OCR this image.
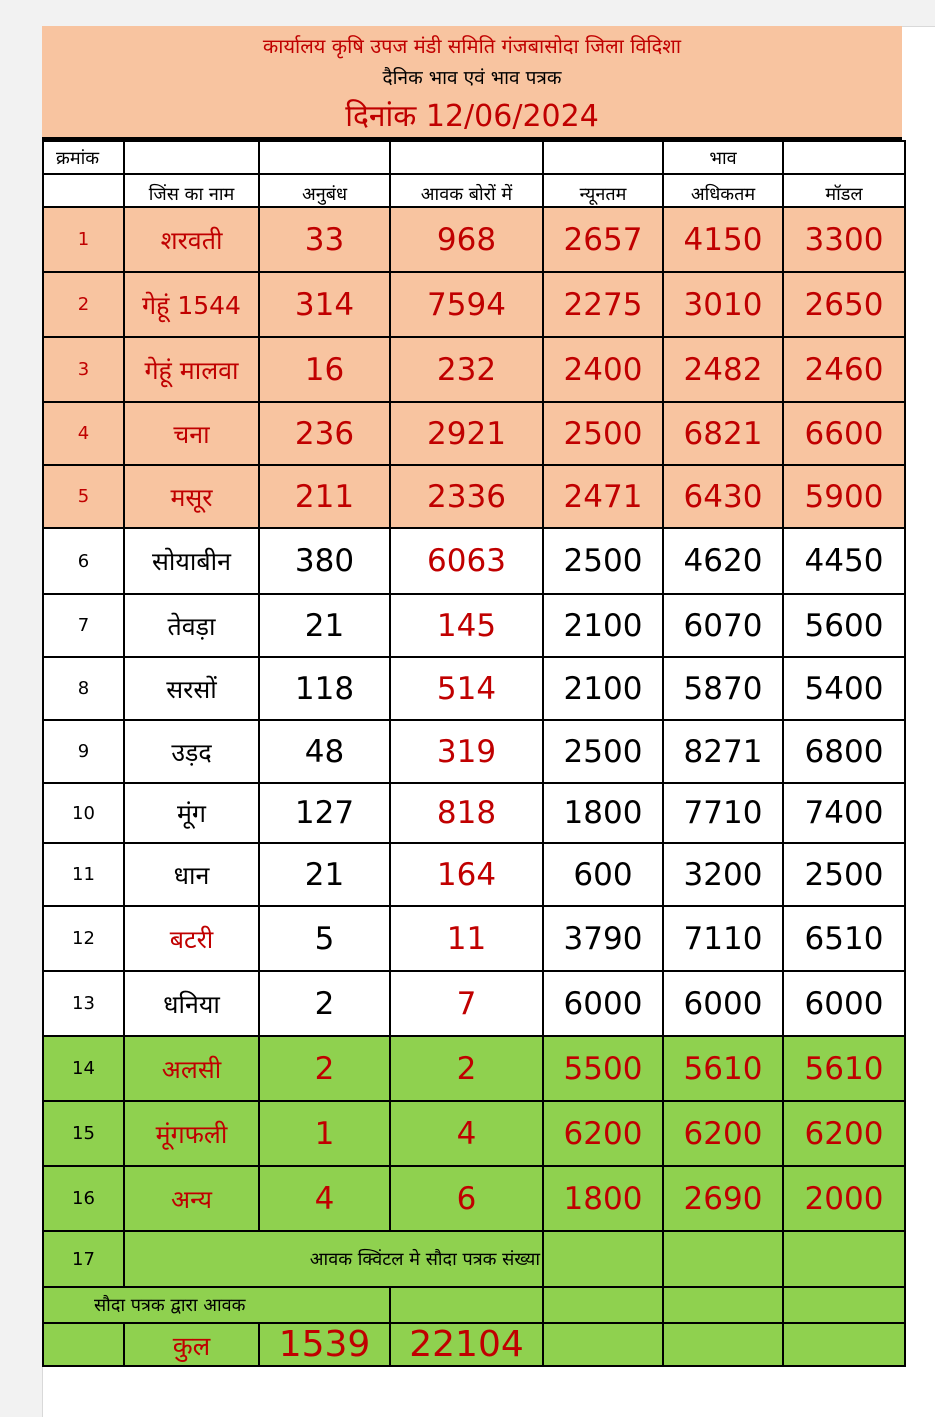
कार्यालय कृषि उपज मंडी समिति गंजबासोदा जिला विदिशा
दैनिक भाव एवं भाव पत्रक
दिनांक 12/06/2024
क्रमांक					भाव	
	जिंस का नाम	अनुबंध	आवक बोरों में	न्यूनतम	अधिकतम	मॉडल
1	शरवती	33	968	2657	4150	3300
2	गेहूं 1544	314	7594	2275	3010	2650
3	गेहूं मालवा	16	232	2400	2482	2460
4	चना	236	2921	2500	6821	6600
5	मसूर	211	2336	2471	6430	5900
6	सोयाबीन	380	6063	2500	4620	4450
7	तेवड़ा	21	145	2100	6070	5600
8	सरसों	118	514	2100	5870	5400
9	उड़द	48	319	2500	8271	6800
10	मूंग	127	818	1800	7710	7400
11	धान	21	164	600	3200	2500
12	बटरी	5	11	3790	7110	6510
13	धनिया	2	7	6000	6000	6000
14	अलसी	2	2	5500	5610	5610
15	मूंगफली	1	4	6200	6200	6200
16	अन्य	4	6	1800	2690	2000
17	आवक क्विंटल मे सौदा पत्रक संख्या					
सौदा पत्रक द्वारा आवक						
	कुल	1539	22104			
